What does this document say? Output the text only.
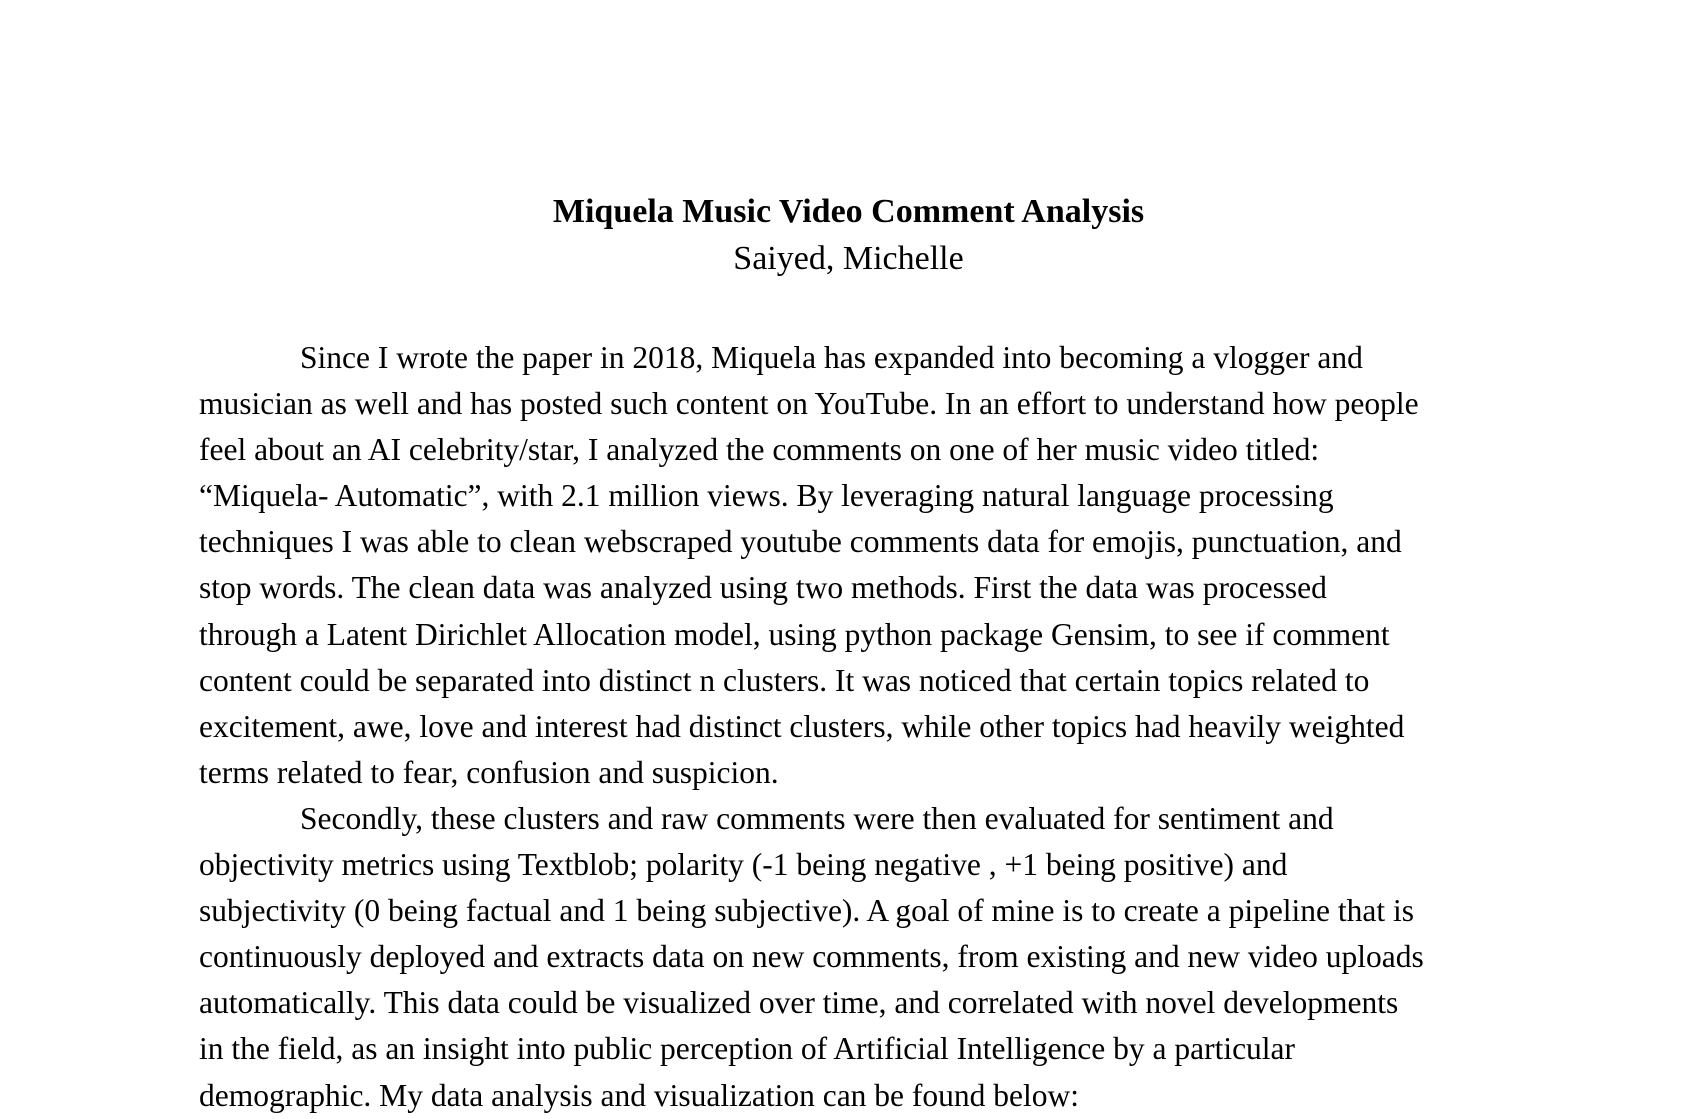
Miquela Music Video Comment Analysis
Saiyed, Michelle
Since I wrote the paper in 2018, Miquela has expanded into becoming a vlogger and
musician as well and has posted such content on YouTube. In an effort to understand how people
feel about an AI celebrity/star, I analyzed the comments on one of her music video titled:
“Miquela- Automatic”, with 2.1 million views. By leveraging natural language processing
techniques I was able to clean webscraped youtube comments data for emojis, punctuation, and
stop words. The clean data was analyzed using two methods. First the data was processed
through a Latent Dirichlet Allocation model, using python package Gensim, to see if comment
content could be separated into distinct n clusters. It was noticed that certain topics related to
excitement, awe, love and interest had distinct clusters, while other topics had heavily weighted
terms related to fear, confusion and suspicion.
Secondly, these clusters and raw comments were then evaluated for sentiment and
objectivity metrics using Textblob; polarity (-1 being negative , +1 being positive) and
subjectivity (0 being factual and 1 being subjective). A goal of mine is to create a pipeline that is
continuously deployed and extracts data on new comments, from existing and new video uploads
automatically. This data could be visualized over time, and correlated with novel developments
in the field, as an insight into public perception of Artificial Intelligence by a particular
demographic. My data analysis and visualization can be found below:
